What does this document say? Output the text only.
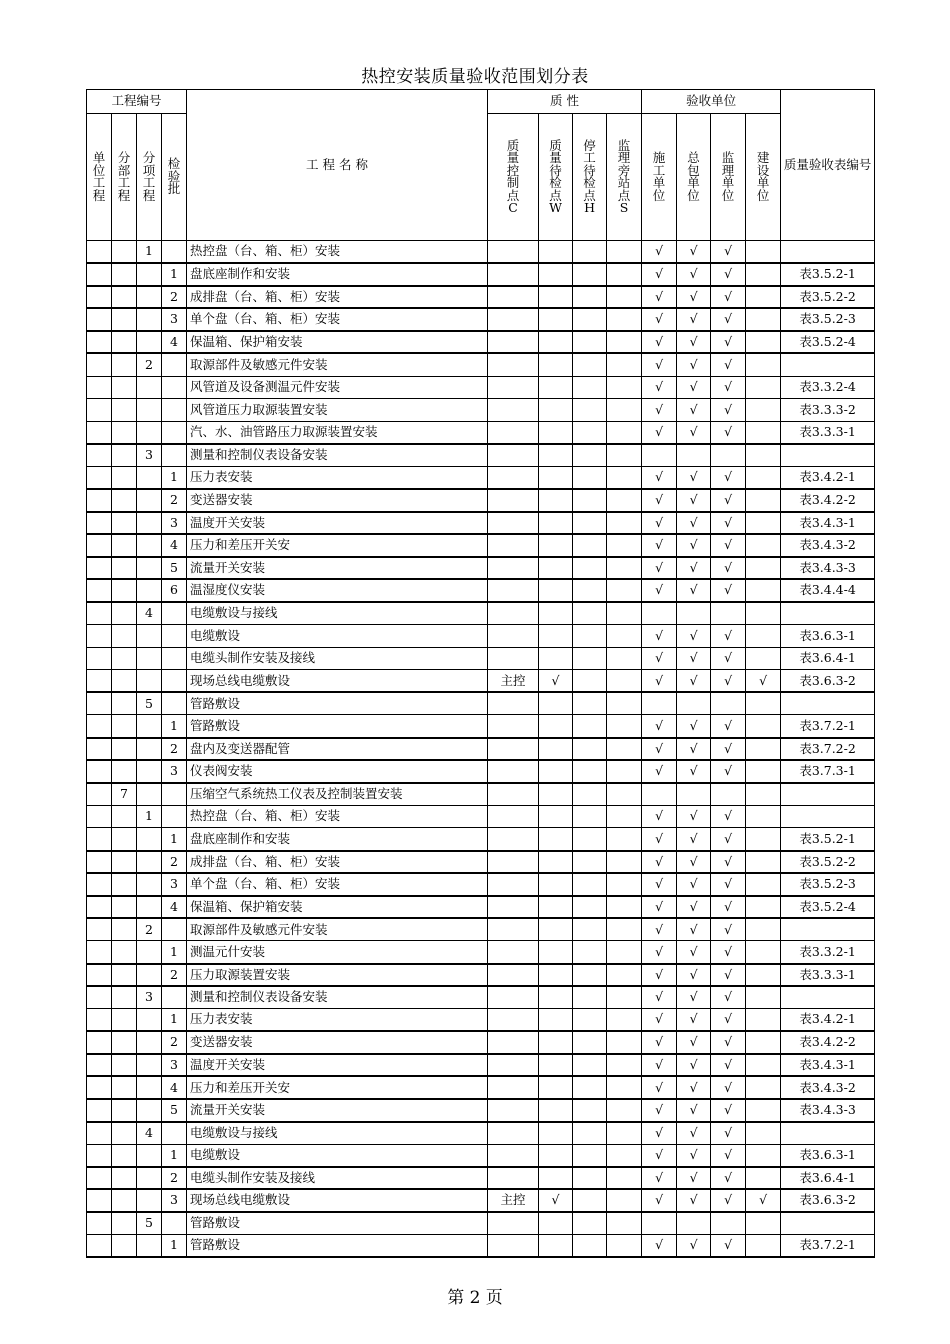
热控安装质量验收范围划分表
工程编号				工 程 名 称	质 性				验收单位				质量验收表编号
单位工程	分部工程	分项工程	检验批		质量控制点C	质量待检点W	停工待检点H	监理旁站点S	施工单位	总包单位	监理单位	建设单位	
		1		热控盘（台、箱、柜）安装					√	√	√		
			1	盘底座制作和安装					√	√	√		表3.5.2-1
			2	成排盘（台、箱、柜）安装					√	√	√		表3.5.2-2
			3	单个盘（台、箱、柜）安装					√	√	√		表3.5.2-3
			4	保温箱、保护箱安装					√	√	√		表3.5.2-4
		2		取源部件及敏感元件安装					√	√	√		
				风管道及设备测温元件安装					√	√	√		表3.3.2-4
				风管道压力取源装置安装					√	√	√		表3.3.3-2
				汽、水、油管路压力取源装置安装					√	√	√		表3.3.3-1
		3		测量和控制仪表设备安装									
			1	压力表安装					√	√	√		表3.4.2-1
			2	变送器安装					√	√	√		表3.4.2-2
			3	温度开关安装					√	√	√		表3.4.3-1
			4	压力和差压开关安					√	√	√		表3.4.3-2
			5	流量开关安装					√	√	√		表3.4.3-3
			6	温湿度仪安装					√	√	√		表3.4.4-4
		4		电缆敷设与接线									
				电缆敷设					√	√	√		表3.6.3-1
				电缆头制作安装及接线					√	√	√		表3.6.4-1
				现场总线电缆敷设	主控	√			√	√	√	√	表3.6.3-2
		5		管路敷设									
			1	管路敷设					√	√	√		表3.7.2-1
			2	盘内及变送器配管					√	√	√		表3.7.2-2
			3	仪表阀安装					√	√	√		表3.7.3-1
	7			压缩空气系统热工仪表及控制装置安装									
		1		热控盘（台、箱、柜）安装					√	√	√		
			1	盘底座制作和安装					√	√	√		表3.5.2-1
			2	成排盘（台、箱、柜）安装					√	√	√		表3.5.2-2
			3	单个盘（台、箱、柜）安装					√	√	√		表3.5.2-3
			4	保温箱、保护箱安装					√	√	√		表3.5.2-4
		2		取源部件及敏感元件安装					√	√	√		
			1	测温元什安装					√	√	√		表3.3.2-1
			2	压力取源装置安装					√	√	√		表3.3.3-1
		3		测量和控制仪表设备安装					√	√	√		
			1	压力表安装					√	√	√		表3.4.2-1
			2	变送器安装					√	√	√		表3.4.2-2
			3	温度开关安装					√	√	√		表3.4.3-1
			4	压力和差压开关安					√	√	√		表3.4.3-2
			5	流量开关安装					√	√	√		表3.4.3-3
		4		电缆敷设与接线					√	√	√		
			1	电缆敷设					√	√	√		表3.6.3-1
			2	电缆头制作安装及接线					√	√	√		表3.6.4-1
			3	现场总线电缆敷设	主控	√			√	√	√	√	表3.6.3-2
		5		管路敷设									
			1	管路敷设					√	√	√		表3.7.2-1
第 2 页
